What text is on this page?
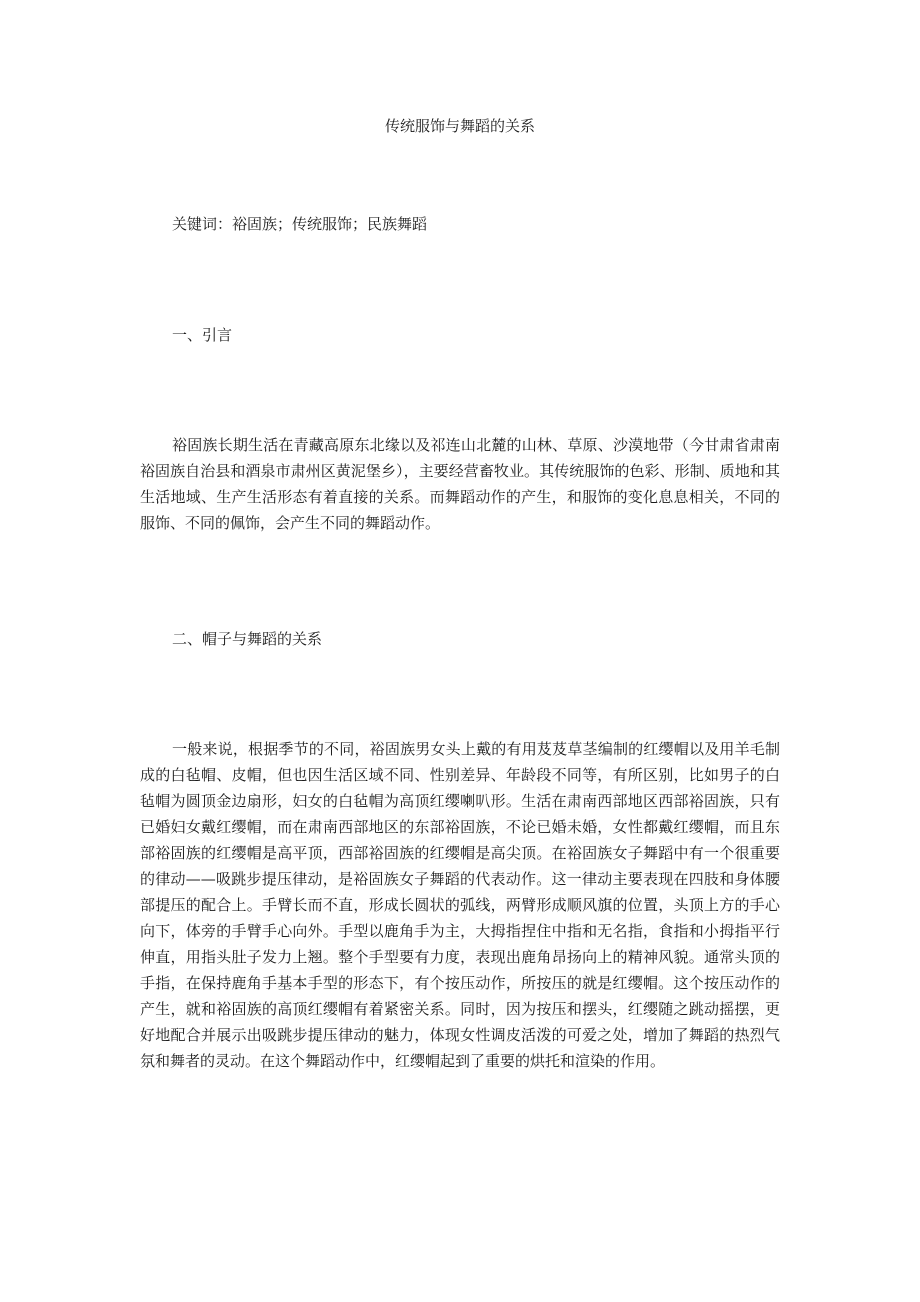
传统服饰与舞蹈的关系
关键词：裕固族；传统服饰；民族舞蹈
一、引言

裕固族长期生活在青藏高原东北缘以及祁连山北麓的山林、草原、沙漠地带（今甘肃省肃南裕固族自治县和酒泉市肃州区黄泥堡乡），主要经营畜牧业。其传统服饰的色彩、形制、质地和其生活地域、生产生活形态有着直接的关系。而舞蹈动作的产生，和服饰的变化息息相关，不同的服饰、不同的佩饰，会产生不同的舞蹈动作。

二、帽子与舞蹈的关系

一般来说，根据季节的不同，裕固族男女头上戴的有用芨芨草茎编制的红缨帽以及用羊毛制成的白毡帽、皮帽，但也因生活区域不同、性别差异、年龄段不同等，有所区别，比如男子的白毡帽为圆顶金边扇形，妇女的白毡帽为高顶红缨喇叭形。生活在肃南西部地区西部裕固族，只有已婚妇女戴红缨帽，而在肃南西部地区的东部裕固族，不论已婚未婚，女性都戴红缨帽，而且东部裕固族的红缨帽是高平顶，西部裕固族的红缨帽是高尖顶。在裕固族女子舞蹈中有一个很重要的律动——吸跳步提压律动，是裕固族女子舞蹈的代表动作。这一律动主要表现在四肢和身体腰部提压的配合上。手臂长而不直，形成长圆状的弧线，两臂形成顺风旗的位置，头顶上方的手心向下，体旁的手臂手心向外。手型以鹿角手为主，大拇指捏住中指和无名指，食指和小拇指平行伸直，用指头肚子发力上翘。整个手型要有力度，表现出鹿角昂扬向上的精神风貌。通常头顶的手指，在保持鹿角手基本手型的形态下，有个按压动作，所按压的就是红缨帽。这个按压动作的产生，就和裕固族的高顶红缨帽有着紧密关系。同时，因为按压和摆头，红缨随之跳动摇摆，更好地配合并展示出吸跳步提压律动的魅力，体现女性调皮活泼的可爱之处，增加了舞蹈的热烈气氛和舞者的灵动。在这个舞蹈动作中，红缨帽起到了重要的烘托和渲染的作用。
